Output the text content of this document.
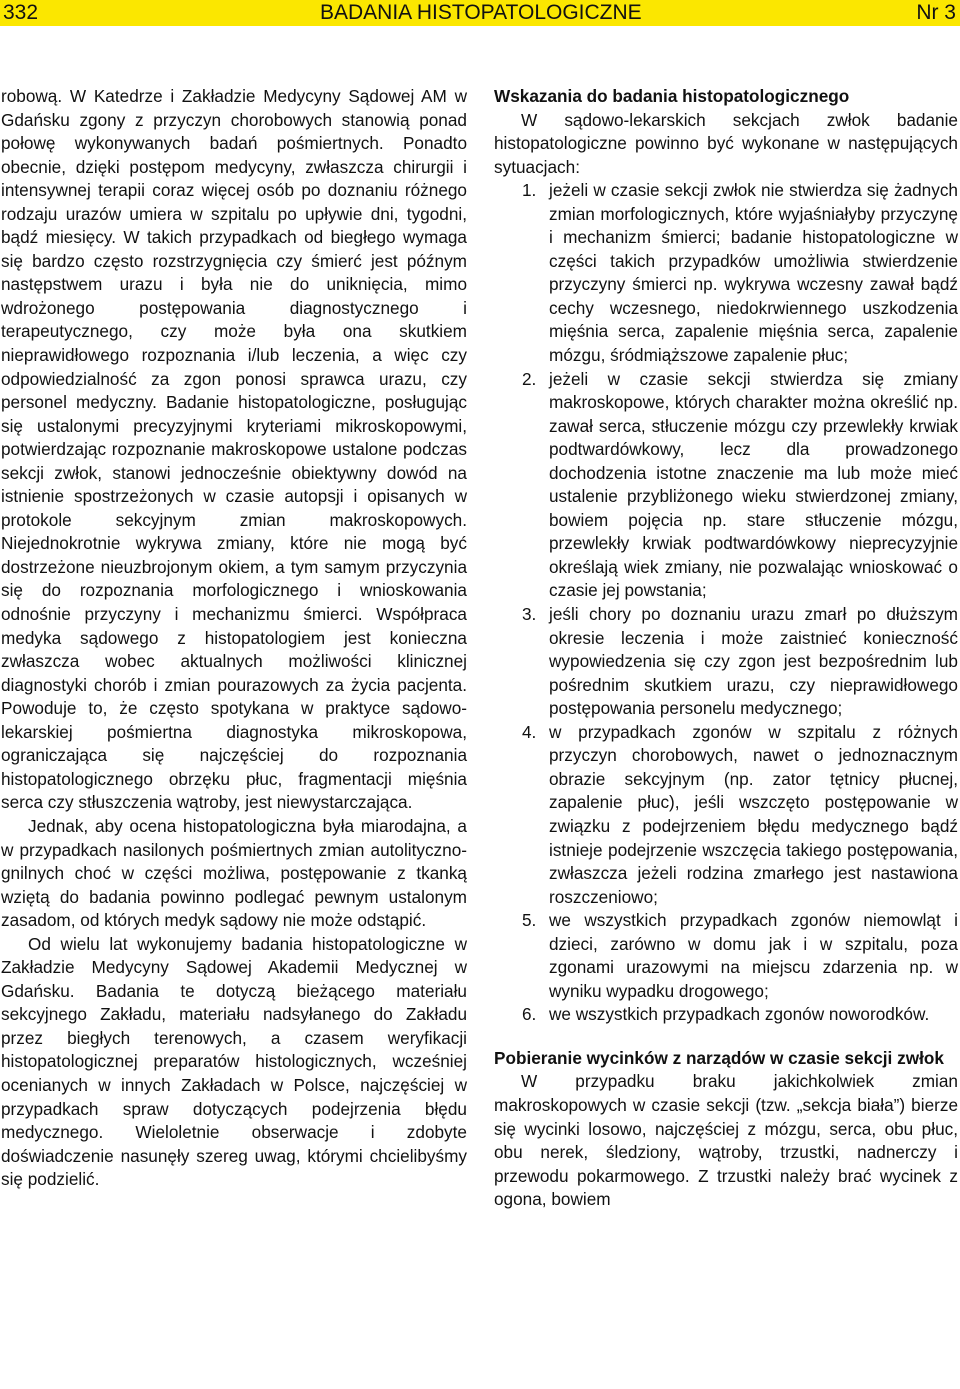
332	BADANIA HISTOPATOLOGICZNE	Nr 3

robową. W Katedrze i Zakładzie Medycyny Sądowej AM w Gdańsku zgony z przyczyn chorobowych stanowią ponad połowę wykonywanych badań pośmiertnych. Ponadto obecnie, dzięki postępom medycyny, zwłaszcza chirurgii i intensywnej terapii coraz więcej osób po doznaniu różnego rodzaju urazów umiera w szpitalu po upływie dni, tygodni, bądź miesięcy. W takich przypadkach od biegłego wymaga się bardzo często rozstrzygnięcia czy śmierć jest późnym następstwem urazu i była nie do uniknięcia, mimo wdrożonego postępowania diagnostycznego i terapeutycznego, czy może była ona skutkiem nieprawidłowego rozpoznania i/lub leczenia, a więc czy odpowiedzialność za zgon ponosi sprawca urazu, czy personel medyczny. Badanie histopatologiczne, posługując się ustalonymi precyzyjnymi kryteriami mikroskopowymi, potwierdzając rozpoznanie makroskopowe ustalone podczas sekcji zwłok, stanowi jednocześnie obiektywny dowód na istnienie spostrzeżonych w czasie autopsji i opisanych w protokole sekcyjnym zmian makroskopowych. Niejednokrotnie wykrywa zmiany, które nie mogą być dostrzeżone nieuzbrojonym okiem, a tym samym przyczynia się do rozpoznania morfologicznego i wnioskowania odnośnie przyczyny i mechanizmu śmierci. Współpraca medyka sądowego z histopatologiem jest konieczna zwłaszcza wobec aktualnych możliwości klinicznej diagnostyki chorób i zmian pourazowych za życia pacjenta. Powoduje to, że często spotykana w praktyce sądowo-lekarskiej pośmiertna diagnostyka mikroskopowa, ograniczająca się najczęściej do rozpoznania histopatologicznego obrzęku płuc, fragmentacji mięśnia serca czy stłuszczenia wątroby, jest niewystarczająca.

Jednak, aby ocena histopatologiczna była miarodajna, a w przypadkach nasilonych pośmiertnych zmian autolityczno-gnilnych choć w części możliwa, postępowanie z tkanką wziętą do badania powinno podlegać pewnym ustalonym zasadom, od których medyk sądowy nie może odstąpić.

Od wielu lat wykonujemy badania histopatologiczne w Zakładzie Medycyny Sądowej Akademii Medycznej w Gdańsku. Badania te dotyczą bieżącego materiału sekcyjnego Zakładu, materiału nadsyłanego do Zakładu przez biegłych terenowych, a czasem weryfikacji histopatologicznej preparatów histologicznych, wcześniej ocenianych w innych Zakładach w Polsce, najczęściej w przypadkach spraw dotyczących podejrzenia błędu medycznego. Wieloletnie obserwacje i zdobyte doświadczenie nasunęły szereg uwag, którymi chcielibyśmy się podzielić.

Wskazania do badania histopatologicznego

W sądowo-lekarskich sekcjach zwłok badanie histopatologiczne powinno być wykonane w następujących sytuacjach:

1. jeżeli w czasie sekcji zwłok nie stwierdza się żadnych zmian morfologicznych, które wyjaśniałyby przyczynę i mechanizm śmierci; badanie histopatologiczne w części takich przypadków umożliwia stwierdzenie przyczyny śmierci np. wykrywa wczesny zawał bądź cechy wczesnego, niedokrwiennego uszkodzenia mięśnia serca, zapalenie mięśnia serca, zapalenie mózgu, śródmiąższowe zapalenie płuc;
2. jeżeli w czasie sekcji stwierdza się zmiany makroskopowe, których charakter można określić np. zawał serca, stłuczenie mózgu czy przewlekły krwiak podtwardówkowy, lecz dla prowadzonego dochodzenia istotne znaczenie ma lub może mieć ustalenie przybliżonego wieku stwierdzonej zmiany, bowiem pojęcia np. stare stłuczenie mózgu, przewlekły krwiak podtwardówkowy nieprecyzyjnie określają wiek zmiany, nie pozwalając wnioskować o czasie jej powstania;
3. jeśli chory po doznaniu urazu zmarł po dłuższym okresie leczenia i może zaistnieć konieczność wypowiedzenia się czy zgon jest bezpośrednim lub pośrednim skutkiem urazu, czy nieprawidłowego postępowania personelu medycznego;
4. w przypadkach zgonów w szpitalu z różnych przyczyn chorobowych, nawet o jednoznacznym obrazie sekcyjnym (np. zator tętnicy płucnej, zapalenie płuc), jeśli wszczęto postępowanie w związku z podejrzeniem błędu medycznego bądź istnieje podejrzenie wszczęcia takiego postępowania, zwłaszcza jeżeli rodzina zmarłego jest nastawiona roszczeniowo;
5. we wszystkich przypadkach zgonów niemowląt i dzieci, zarówno w domu jak i w szpitalu, poza zgonami urazowymi na miejscu zdarzenia np. w wyniku wypadku drogowego;
6. we wszystkich przypadkach zgonów noworodków.

Pobieranie wycinków z narządów w czasie sekcji zwłok

W przypadku braku jakichkolwiek zmian makroskopowych w czasie sekcji (tzw. „sekcja biała”) bierze się wycinki losowo, najczęściej z mózgu, serca, obu płuc, obu nerek, śledziony, wątroby, trzustki, nadnerczy i przewodu pokarmowego. Z trzustki należy brać wycinek z ogona, bowiem
